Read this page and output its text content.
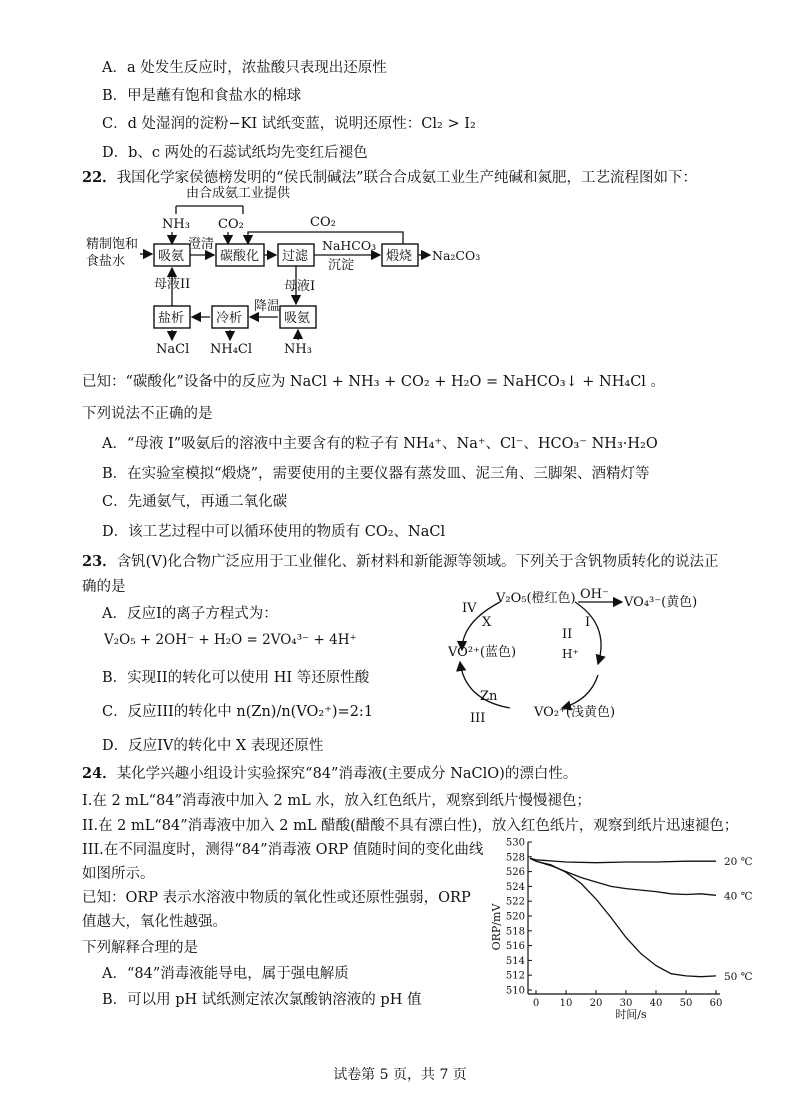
A．a 处发生反应时，浓盐酸只表现出还原性
B．甲是蘸有饱和食盐水的棉球
C．d 处湿润的淀粉−KI 试纸变蓝，说明还原性：Cl₂ > I₂
D．b、c 两处的石蕊试纸均先变红后褪色
22．我国化学家侯德榜发明的“侯氏制碱法”联合合成氨工业生产纯碱和氮肥，工艺流程图如下：
由合成氨工业提供
NH₃ CO₂	CO₂
精制饱和
食盐水	吸氨
澄清
碳酸化 过滤
NaHCO₃
沉淀
煅烧 Na₂CO₃
母液I
母液II
盐析 冷析
降温
吸氨
NaCl NH₄Cl NH₃
已知：“碳酸化”设备中的反应为 NaCl + NH₃ + CO₂ + H₂O = NaHCO₃↓ + NH₄Cl 。
下列说法不正确的是
A．“母液 I”吸氨后的溶液中主要含有的粒子有 NH₄⁺、Na⁺、Cl⁻、HCO₃⁻ NH₃·H₂O
B．在实验室模拟“煅烧”，需要使用的主要仪器有蒸发皿、泥三角、三脚架、酒精灯等
C．先通氨气，再通二氧化碳
D．该工艺过程中可以循环使用的物质有 CO₂、NaCl
23．含钒(V)化合物广泛应用于工业催化、新材料和新能源等领域。下列关于含钒物质转化的说法正
确的是
A．反应I的离子方程式为：
V₂O₅ + 2OH⁻ + H₂O = 2VO₄³⁻ + 4H⁺
B．实现II的转化可以使用 HI 等还原性酸
C．反应III的转化中 n(Zn)/n(VO₂⁺)=2:1
D．反应IV的转化中 X 表现还原性
V₂O₅(橙红色) OH⁻
VO₄³⁻(黄色)
I
II
H⁺
IV
X
VO²⁺(蓝色)
Zn
III	VO₂⁺(浅黄色)
24．某化学兴趣小组设计实验探究“84”消毒液(主要成分 NaClO)的漂白性。
I.在 2 mL“84”消毒液中加入 2 mL 水，放入红色纸片，观察到纸片慢慢褪色；
II.在 2 mL“84”消毒液中加入 2 mL 醋酸(醋酸不具有漂白性)，放入红色纸片，观察到纸片迅速褪色；
III.在不同温度时，测得“84”消毒液 ORP 值随时间的变化曲线
如图所示。
已知：ORP 表示水溶液中物质的氧化性或还原性强弱，ORP
值越大，氧化性越强。
下列解释合理的是
A．“84”消毒液能导电，属于强电解质
B．可以用 pH 试纸测定浓次氯酸钠溶液的 pH 值
510
512
514
516
518
520
522
524
526
528
530
0 10 20 30 40 50 60
20 ℃
40 ℃
50 ℃
ORP/mV
时间/s
试卷第 5 页，共 7 页
